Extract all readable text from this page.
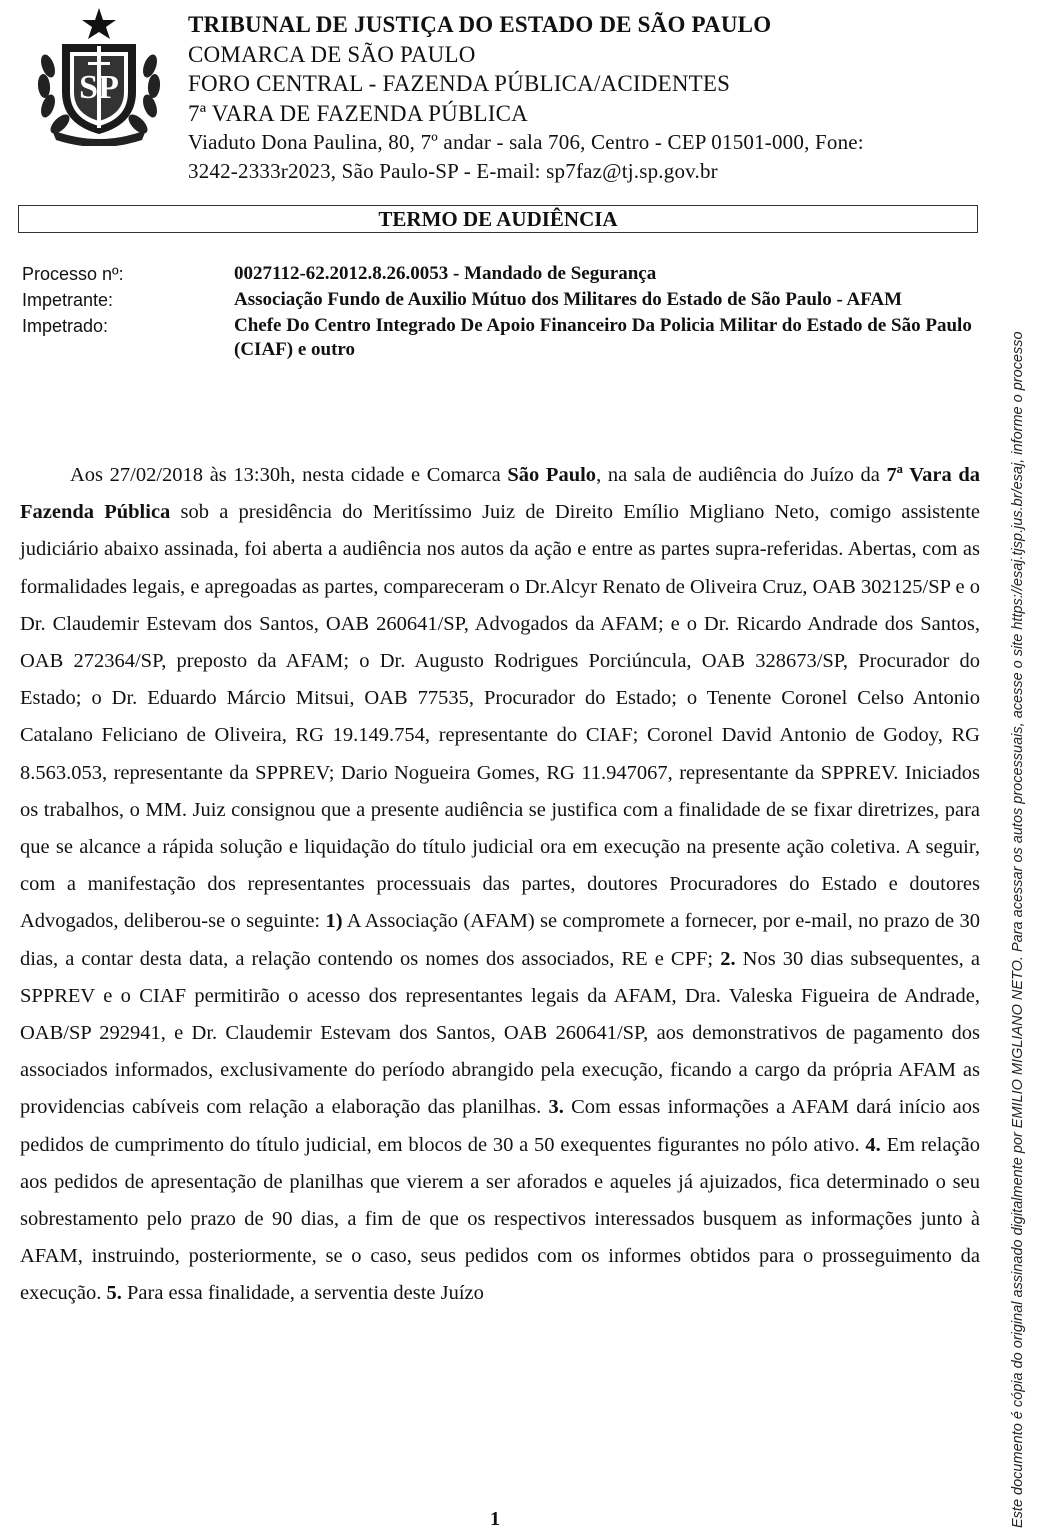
SP
TRIBUNAL DE JUSTIÇA DO ESTADO DE SÃO PAULO
COMARCA DE SÃO PAULO
FORO CENTRAL - FAZENDA PÚBLICA/ACIDENTES
7ª VARA DE FAZENDA PÚBLICA
Viaduto Dona Paulina, 80, 7º andar - sala 706, Centro - CEP 01501-000, Fone:
3242-2333r2023, São Paulo-SP - E-mail: sp7faz@tj.sp.gov.br
TERMO DE AUDIÊNCIA
Processo nº:	0027112-62.2012.8.26.0053 - Mandado de Segurança
Impetrante:	Associação Fundo de Auxilio Mútuo dos Militares do Estado de São Paulo - AFAM
Impetrado:	Chefe Do Centro Integrado De Apoio Financeiro Da Policia Militar do Estado de São Paulo (CIAF) e outro

Aos 27/02/2018 às 13:30h, nesta cidade e Comarca São Paulo, na sala de audiência do Juízo da 7ª Vara da Fazenda Pública sob a presidência do Meritíssimo Juiz de Direito Emílio Migliano Neto, comigo assistente judiciário abaixo assinada, foi aberta a audiência nos autos da ação e entre as partes supra-referidas. Abertas, com as formalidades legais, e apregoadas as partes, compareceram o Dr.Alcyr Renato de Oliveira Cruz, OAB 302125/SP e o Dr. Claudemir Estevam dos Santos, OAB 260641/SP, Advogados da AFAM; e o Dr. Ricardo Andrade dos Santos, OAB 272364/SP, preposto da AFAM; o Dr. Augusto Rodrigues Porciúncula, OAB 328673/SP, Procurador do Estado; o Dr. Eduardo Márcio Mitsui, OAB 77535, Procurador do Estado; o Tenente Coronel Celso Antonio Catalano Feliciano de Oliveira, RG 19.149.754, representante do CIAF; Coronel David Antonio de Godoy, RG 8.563.053, representante da SPPREV; Dario Nogueira Gomes, RG 11.947067, representante da SPPREV. Iniciados os trabalhos, o MM. Juiz consignou que a presente audiência se justifica com a finalidade de se fixar diretrizes, para que se alcance a rápida solução e liquidação do título judicial ora em execução na presente ação coletiva. A seguir, com a manifestação dos representantes processuais das partes, doutores Procuradores do Estado e doutores Advogados, deliberou-se o seguinte: 1) A Associação (AFAM) se compromete a fornecer, por e-mail, no prazo de 30 dias, a contar desta data, a relação contendo os nomes dos associados, RE e CPF; 2. Nos 30 dias subsequentes, a SPPREV e o CIAF permitirão o acesso dos representantes legais da AFAM, Dra. Valeska Figueira de Andrade, OAB/SP 292941, e Dr. Claudemir Estevam dos Santos, OAB 260641/SP, aos demonstrativos de pagamento dos associados informados, exclusivamente do período abrangido pela execução, ficando a cargo da própria AFAM as providencias cabíveis com relação a elaboração das planilhas. 3. Com essas informações a AFAM dará início aos pedidos de cumprimento do título judicial, em blocos de 30 a 50 exequentes figurantes no pólo ativo. 4. Em relação aos pedidos de apresentação de planilhas que vierem a ser aforados e aqueles já ajuizados, fica determinado o seu sobrestamento pelo prazo de 90 dias, a fim de que os respectivos interessados busquem as informações junto à AFAM, instruindo, posteriormente, se o caso, seus pedidos com os informes obtidos para o prosseguimento da execução. 5. Para essa finalidade, a serventia deste Juízo

1	Este documento é cópia do original assinado digitalmente por EMILIO MIGLIANO NETO. Para acessar os autos processuais, acesse o site https://esaj.tjsp.jus.br/esaj, informe o processo
